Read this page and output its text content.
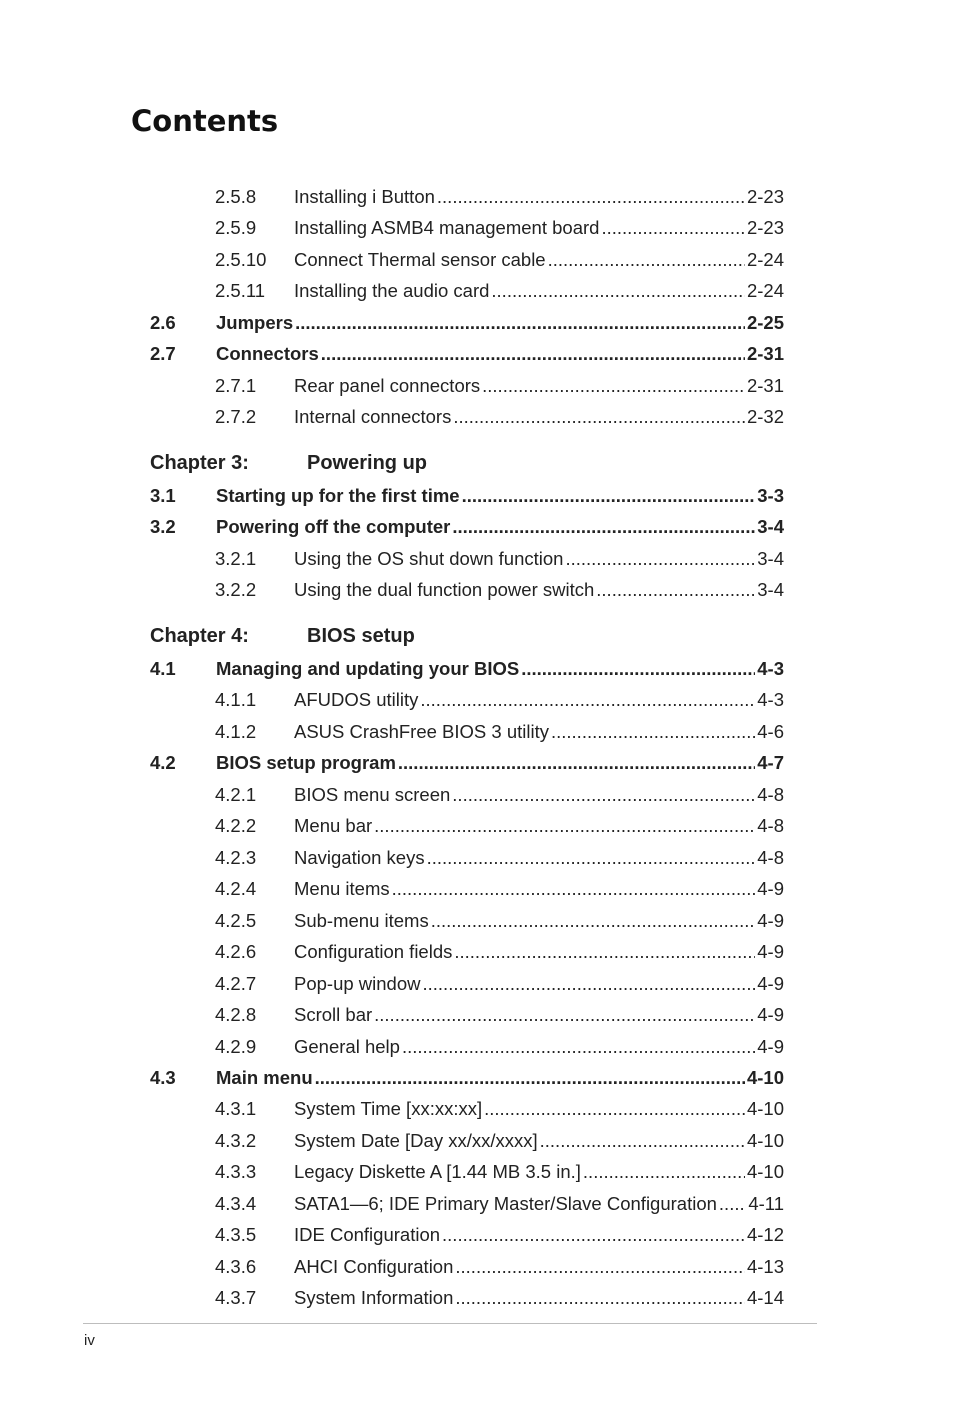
Contents
2.5.8 Installing i Button .....	2-23
2.5.9 Installing ASMB4 management board .....	2-23
2.5.10 Connect Thermal sensor cable .....	2-24
2.5.11 Installing the audio card .....	2-24
2.6 Jumpers .....	2-25
2.7 Connectors .....	2-31
2.7.1 Rear panel connectors .....	2-31
2.7.2 Internal connectors .....	2-32
Chapter 3:	Powering up
3.1 Starting up for the first time .....	3-3
3.2 Powering off the computer .....	3-4
3.2.1 Using the OS shut down function .....	3-4
3.2.2 Using the dual function power switch .....	3-4
Chapter 4:	BIOS setup
4.1 Managing and updating your BIOS .....	4-3
4.1.1 AFUDOS utility .....	4-3
4.1.2 ASUS CrashFree BIOS 3 utility .....	4-6
4.2 BIOS setup program .....	4-7
4.2.1 BIOS menu screen .....	4-8
4.2.2 Menu bar .....	4-8
4.2.3 Navigation keys .....	4-8
4.2.4 Menu items .....	4-9
4.2.5 Sub-menu items .....	4-9
4.2.6 Configuration fields .....	4-9
4.2.7 Pop-up window .....	4-9
4.2.8 Scroll bar .....	4-9
4.2.9 General help .....	4-9
4.3 Main menu .....	4-10
4.3.1 System Time [xx:xx:xx] .....	4-10
4.3.2 System Date [Day xx/xx/xxxx] .....	4-10
4.3.3 Legacy Diskette A [1.44 MB 3.5 in.] .....	4-10
4.3.4 SATA1—6; IDE Primary Master/Slave Configuration ..... 4-11
4.3.5 IDE Configuration .....	4-12
4.3.6 AHCI Configuration .....	4-13
4.3.7 System Information .....	4-14
iv
